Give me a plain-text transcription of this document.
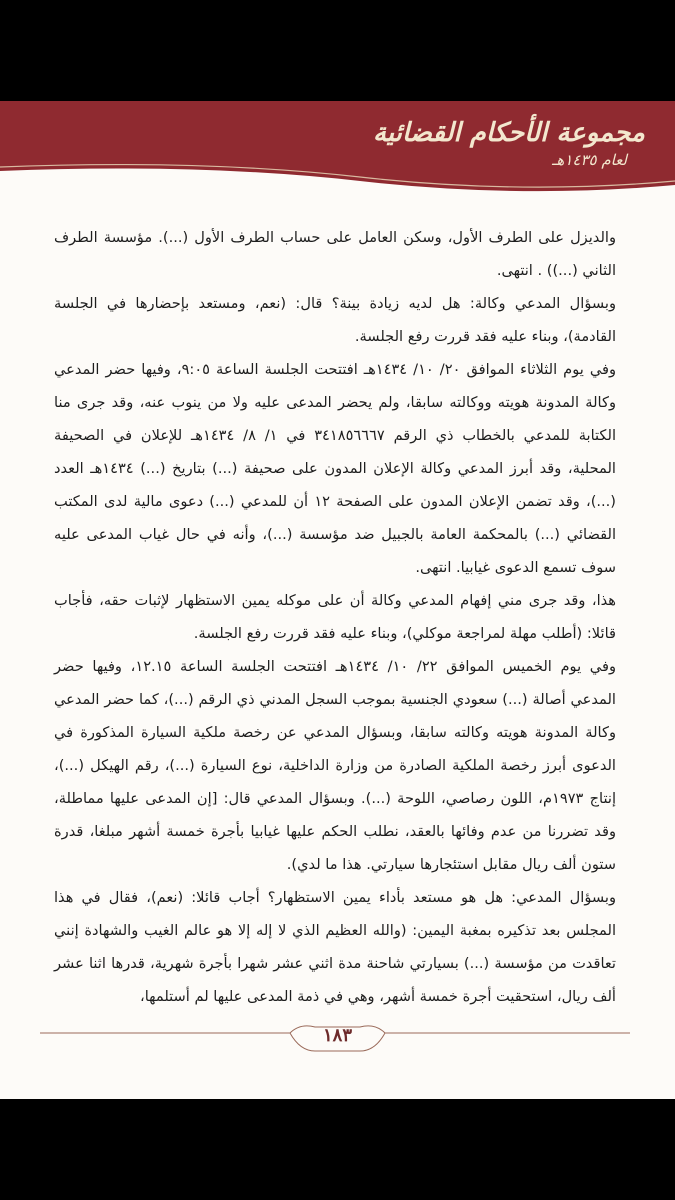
مجموعة الأحكام القضائية
لعام ١٤٣٥هـ

والديزل على الطرف الأول، وسكن العامل على حساب الطرف الأول (...). مؤسسة الطرف الثاني (...)) . انتهى.

وبسؤال المدعي وكالة: هل لديه زيادة بينة؟ قال: (نعم، ومستعد بإحضارها في الجلسة القادمة)، وبناء عليه فقد قررت رفع الجلسة.

وفي يوم الثلاثاء الموافق ٢٠/ ١٠/ ١٤٣٤هـ افتتحت الجلسة الساعة ٩:٠٥، وفيها حضر المدعي وكالة المدونة هويته ووكالته سابقا، ولم يحضر المدعى عليه ولا من ينوب عنه، وقد جرى منا الكتابة للمدعي بالخطاب ذي الرقم ٣٤١٨٥٦٦٦٧ في ١/ ٨/ ١٤٣٤هـ للإعلان في الصحيفة المحلية، وقد أبرز المدعي وكالة الإعلان المدون على صحيفة (...) بتاريخ (...) ١٤٣٤هـ العدد (...)، وقد تضمن الإعلان المدون على الصفحة ١٢ أن للمدعي (...) دعوى مالية لدى المكتب القضائي (...) بالمحكمة العامة بالجبيل ضد مؤسسة (...)، وأنه في حال غياب المدعى عليه سوف تسمع الدعوى غيابيا. انتهى.

هذا، وقد جرى مني إفهام المدعي وكالة أن على موكله يمين الاستظهار لإثبات حقه، فأجاب قائلا: (أطلب مهلة لمراجعة موكلي)، وبناء عليه فقد قررت رفع الجلسة.

وفي يوم الخميس الموافق ٢٢/ ١٠/ ١٤٣٤هـ افتتحت الجلسة الساعة ١٢.١٥، وفيها حضر المدعي أصالة (...) سعودي الجنسية بموجب السجل المدني ذي الرقم (...)، كما حضر المدعي وكالة المدونة هويته وكالته سابقا، وبسؤال المدعي عن رخصة ملكية السيارة المذكورة في الدعوى أبرز رخصة الملكية الصادرة من وزارة الداخلية، نوع السيارة (...)، رقم الهيكل (...)، إنتاج ١٩٧٣م، اللون رصاصي، اللوحة (...). وبسؤال المدعي قال: [إن المدعى عليها مماطلة، وقد تضررنا من عدم وفائها بالعقد، نطلب الحكم عليها غيابيا بأجرة خمسة أشهر مبلغا، قدرة ستون ألف ريال مقابل استئجارها سيارتي. هذا ما لدي).

وبسؤال المدعي: هل هو مستعد بأداء يمين الاستظهار؟ أجاب قائلا: (نعم)، فقال في هذا المجلس بعد تذكيره بمغبة اليمين: (والله العظيم الذي لا إله إلا هو عالم الغيب والشهادة إنني تعاقدت من مؤسسة (...) بسيارتي شاحنة مدة اثني عشر شهرا بأجرة شهرية، قدرها اثنا عشر ألف ريال، استحقيت أجرة خمسة أشهر، وهي في ذمة المدعى عليها لم أستلمها،

١٨٣
